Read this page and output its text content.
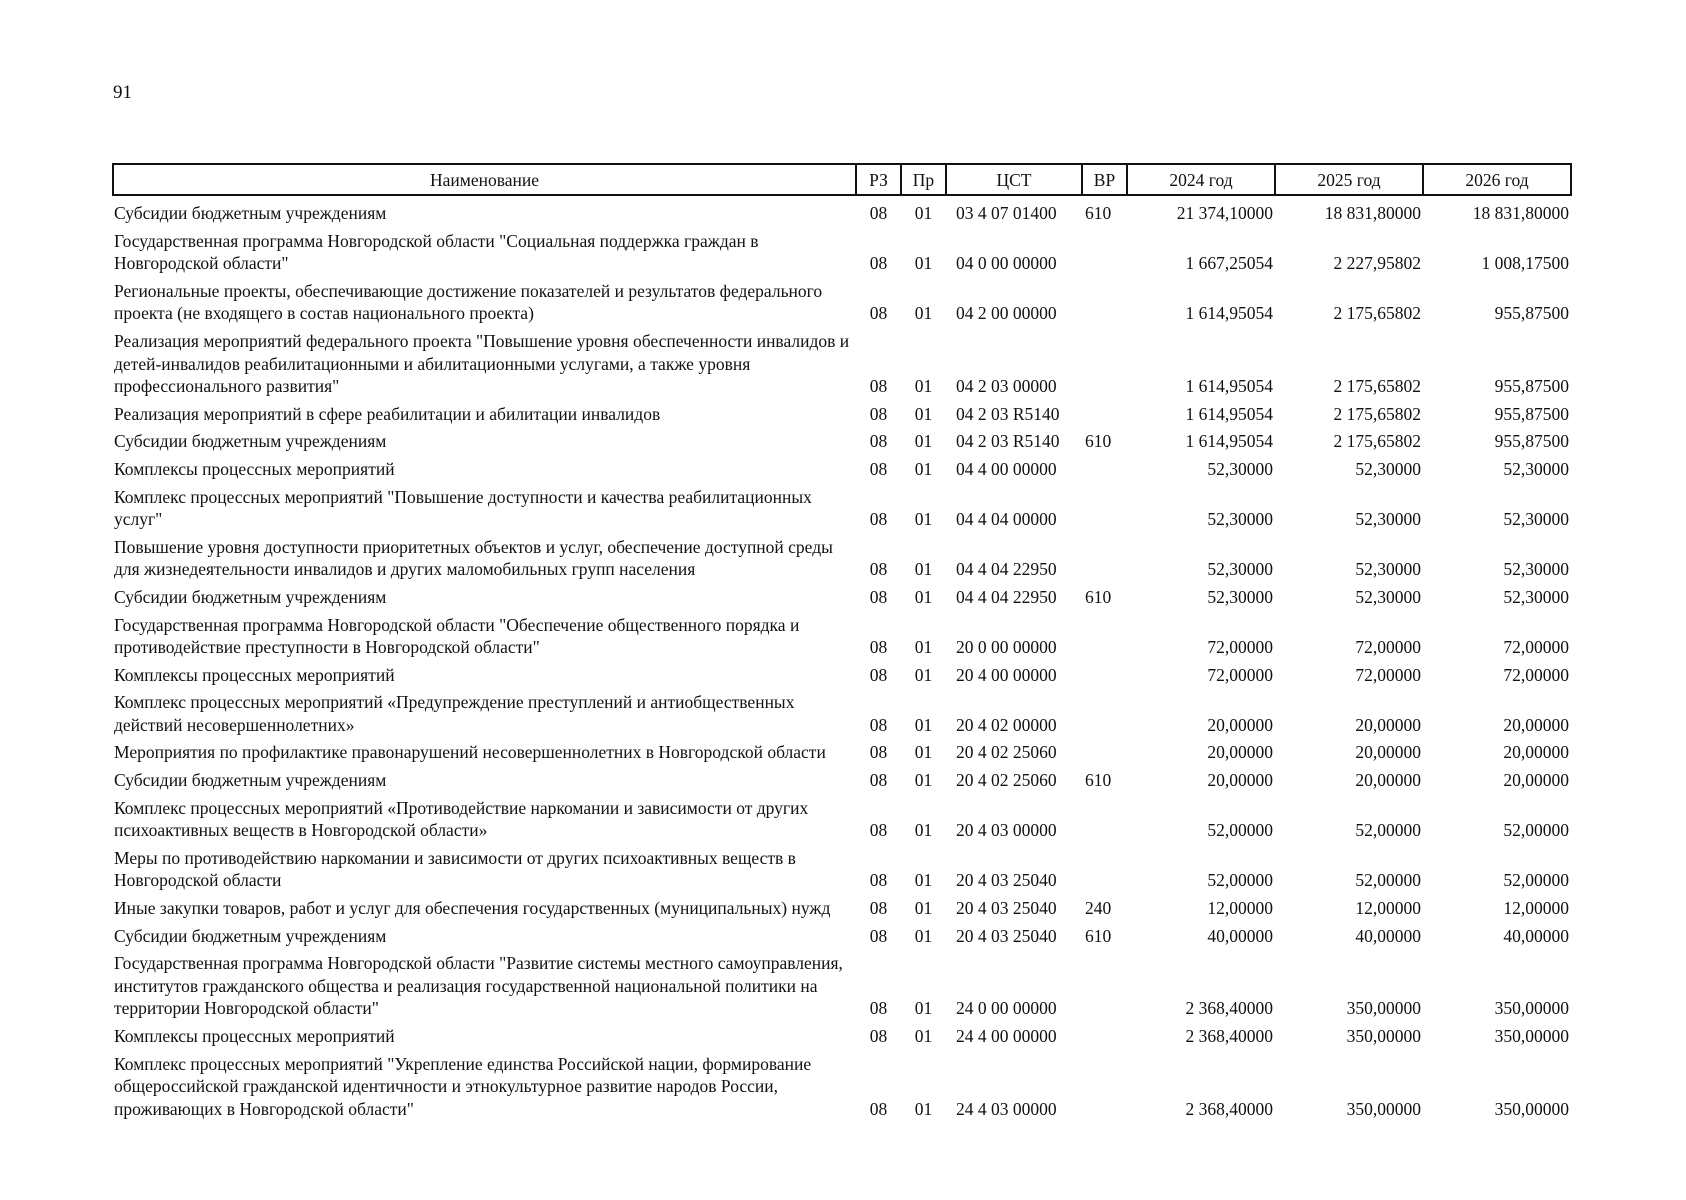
91
Наименование	РЗ	Пр	ЦСТ	ВР	2024 год	2025 год	2026 год
Субсидии бюджетным учреждениям	08	01	03 4 07 01400	610	21 374,10000	18 831,80000	18 831,80000
Государственная программа Новгородской области "Социальная поддержка граждан в Новгородской области"	08	01	04 0 00 00000		1 667,25054	2 227,95802	1 008,17500
Региональные проекты, обеспечивающие достижение показателей и результатов федерального проекта (не входящего в состав национального проекта)	08	01	04 2 00 00000		1 614,95054	2 175,65802	955,87500
Реализация мероприятий федерального проекта "Повышение уровня обеспеченности инвалидов и детей-инвалидов реабилитационными и абилитационными услугами, а также уровня профессионального развития"	08	01	04 2 03 00000		1 614,95054	2 175,65802	955,87500
Реализация мероприятий в сфере реабилитации и абилитации инвалидов	08	01	04 2 03 R5140		1 614,95054	2 175,65802	955,87500
Субсидии бюджетным учреждениям	08	01	04 2 03 R5140	610	1 614,95054	2 175,65802	955,87500
Комплексы процессных мероприятий	08	01	04 4 00 00000		52,30000	52,30000	52,30000
Комплекс процессных мероприятий "Повышение доступности и качества реабилитационных услуг"	08	01	04 4 04 00000		52,30000	52,30000	52,30000
Повышение уровня доступности приоритетных объектов и услуг, обеспечение доступной среды для жизнедеятельности инвалидов и других маломобильных групп населения	08	01	04 4 04 22950		52,30000	52,30000	52,30000
Субсидии бюджетным учреждениям	08	01	04 4 04 22950	610	52,30000	52,30000	52,30000
Государственная программа Новгородской области "Обеспечение общественного порядка и противодействие преступности в Новгородской области"	08	01	20 0 00 00000		72,00000	72,00000	72,00000
Комплексы процессных мероприятий	08	01	20 4 00 00000		72,00000	72,00000	72,00000
Комплекс процессных мероприятий «Предупреждение преступлений и антиобщественных действий несовершеннолетних»	08	01	20 4 02 00000		20,00000	20,00000	20,00000
Мероприятия по профилактике правонарушений несовершеннолетних в Новгородской области	08	01	20 4 02 25060		20,00000	20,00000	20,00000
Субсидии бюджетным учреждениям	08	01	20 4 02 25060	610	20,00000	20,00000	20,00000
Комплекс процессных мероприятий «Противодействие наркомании и зависимости от других психоактивных веществ в Новгородской области»	08	01	20 4 03 00000		52,00000	52,00000	52,00000
Меры по противодействию наркомании и зависимости от других психоактивных веществ в Новгородской области	08	01	20 4 03 25040		52,00000	52,00000	52,00000
Иные закупки товаров, работ и услуг для обеспечения государственных (муниципальных) нужд	08	01	20 4 03 25040	240	12,00000	12,00000	12,00000
Субсидии бюджетным учреждениям	08	01	20 4 03 25040	610	40,00000	40,00000	40,00000
Государственная программа Новгородской области "Развитие системы местного самоуправления, институтов гражданского общества и реализация государственной национальной политики на территории Новгородской области"	08	01	24 0 00 00000		2 368,40000	350,00000	350,00000
Комплексы процессных мероприятий	08	01	24 4 00 00000		2 368,40000	350,00000	350,00000
Комплекс процессных мероприятий "Укрепление единства Российской нации, формирование общероссийской гражданской идентичности и этнокультурное развитие народов России, проживающих в Новгородской области"	08	01	24 4 03 00000		2 368,40000	350,00000	350,00000
